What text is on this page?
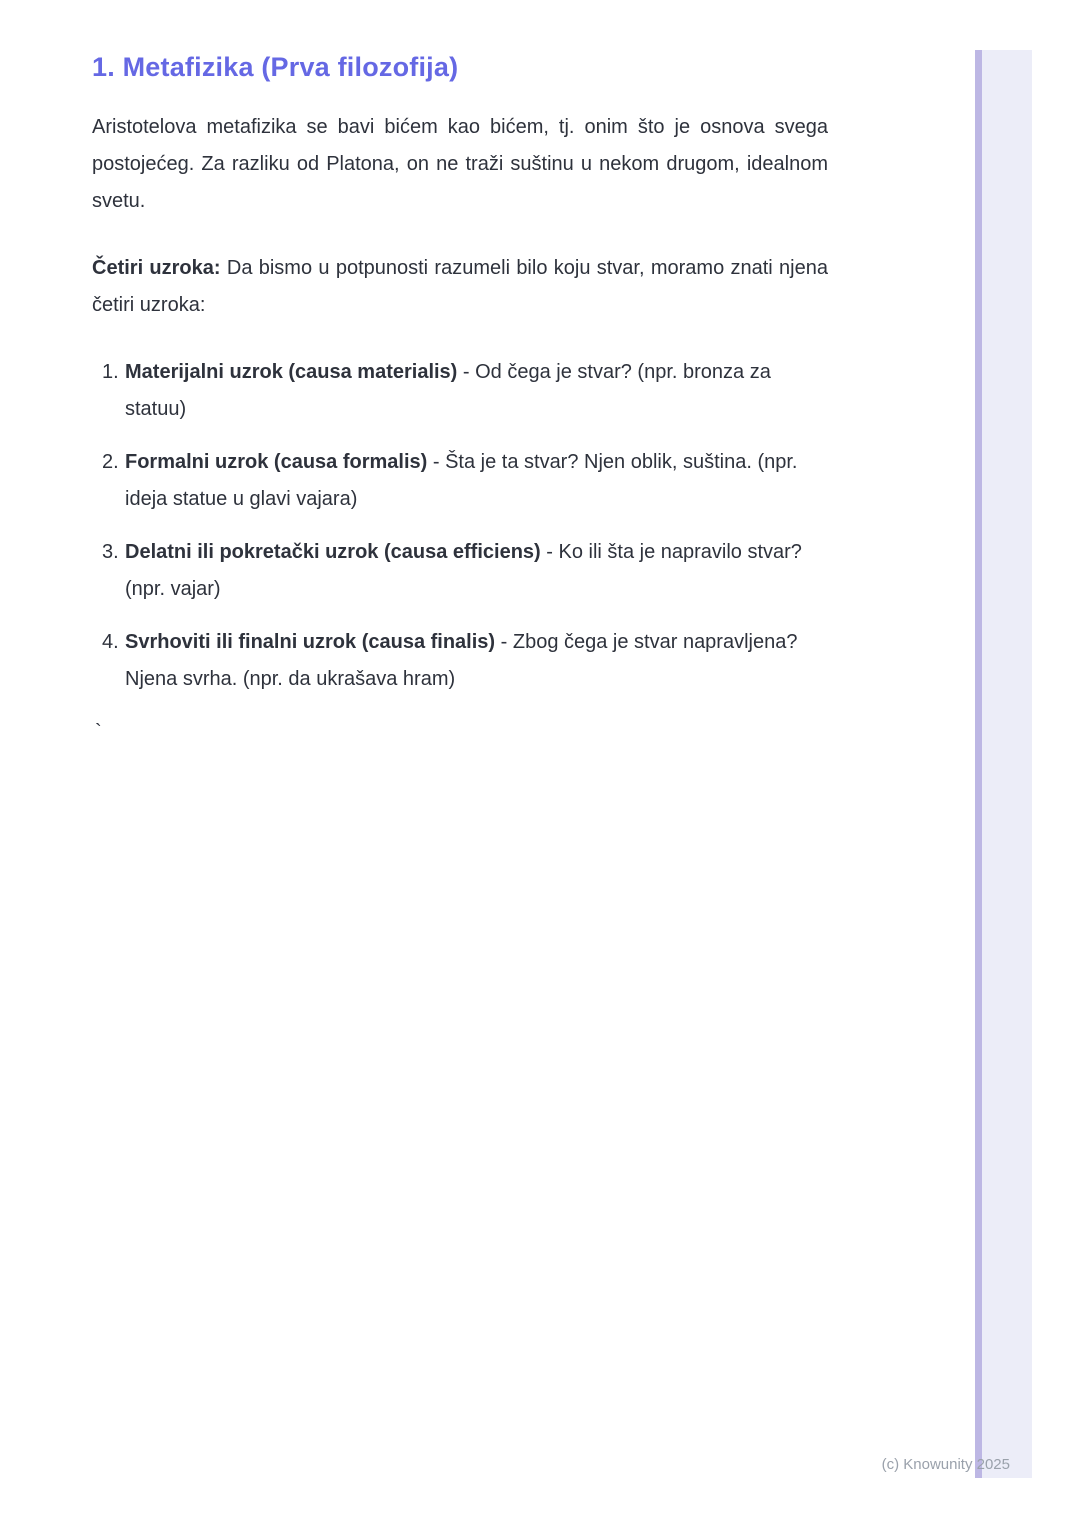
1. Metafizika (Prva filozofija)

Aristotelova metafizika se bavi bićem kao bićem, tj. onim što je osnova svega postojećeg. Za razliku od Platona, on ne traži suštinu u nekom drugom, idealnom svetu.

Četiri uzroka: Da bismo u potpunosti razumeli bilo koju stvar, moramo znati njena četiri uzroka:

1. Materijalni uzrok (causa materialis) - Od čega je stvar? (npr. bronza za statuu)
2. Formalni uzrok (causa formalis) - Šta je ta stvar? Njen oblik, suština. (npr. ideja statue u glavi vajara)
3. Delatni ili pokretački uzrok (causa efficiens) - Ko ili šta je napravilo stvar? (npr. vajar)
4. Svrhoviti ili finalni uzrok (causa finalis) - Zbog čega je stvar napravljena? Njena svrha. (npr. da ukrašava hram)
`
(c) Knowunity 2025
